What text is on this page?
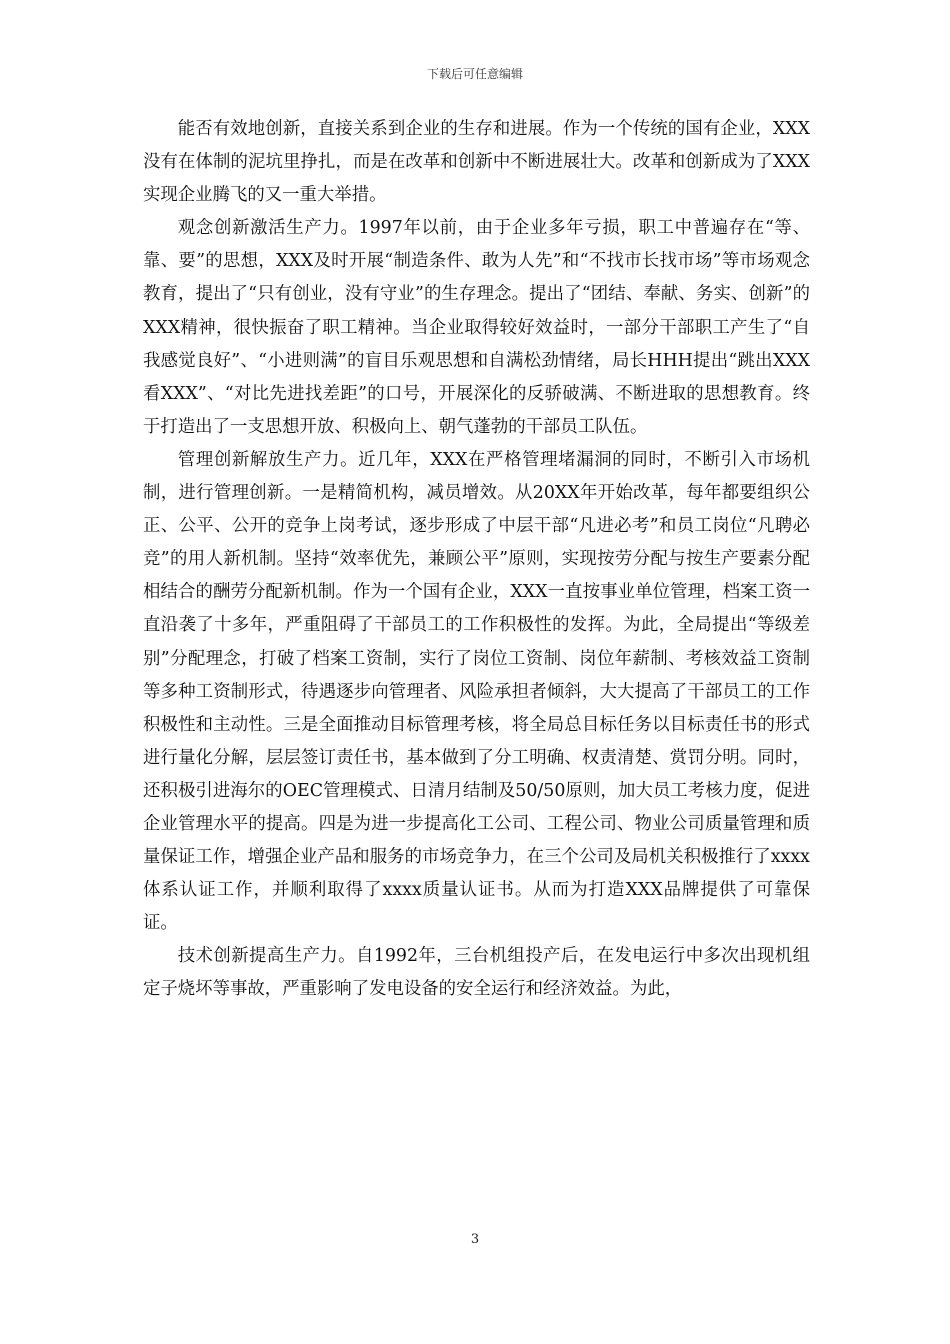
下载后可任意编辑

能否有效地创新，直接关系到企业的生存和进展。作为一个传统的国有企业，XXX没有在体制的泥坑里挣扎，而是在改革和创新中不断进展壮大。改革和创新成为了XXX实现企业腾飞的又一重大举措。

观念创新激活生产力。1997年以前，由于企业多年亏损，职工中普遍存在“等、靠、要”的思想，XXX及时开展“制造条件、敢为人先”和“不找市长找市场”等市场观念教育，提出了“只有创业，没有守业”的生存理念。提出了“团结、奉献、务实、创新”的XXX精神，很快振奋了职工精神。当企业取得较好效益时，一部分干部职工产生了“自我感觉良好”、“小进则满”的盲目乐观思想和自满松劲情绪，局长HHH提出“跳出XXX看XXX”、“对比先进找差距”的口号，开展深化的反骄破满、不断进取的思想教育。终于打造出了一支思想开放、积极向上、朝气蓬勃的干部员工队伍。

管理创新解放生产力。近几年，XXX在严格管理堵漏洞的同时，不断引入市场机制，进行管理创新。一是精简机构，减员增效。从20XX年开始改革，每年都要组织公正、公平、公开的竞争上岗考试，逐步形成了中层干部“凡进必考”和员工岗位“凡聘必竞”的用人新机制。坚持“效率优先，兼顾公平”原则，实现按劳分配与按生产要素分配相结合的酬劳分配新机制。作为一个国有企业，XXX一直按事业单位管理，档案工资一直沿袭了十多年，严重阻碍了干部员工的工作积极性的发挥。为此，全局提出“等级差别”分配理念，打破了档案工资制，实行了岗位工资制、岗位年薪制、考核效益工资制等多种工资制形式，待遇逐步向管理者、风险承担者倾斜，大大提高了干部员工的工作积极性和主动性。三是全面推动目标管理考核，将全局总目标任务以目标责任书的形式进行量化分解，层层签订责任书，基本做到了分工明确、权责清楚、赏罚分明。同时，还积极引进海尔的OEC管理模式、日清月结制及50/50原则，加大员工考核力度，促进企业管理水平的提高。四是为进一步提高化工公司、工程公司、物业公司质量管理和质量保证工作，增强企业产品和服务的市场竞争力，在三个公司及局机关积极推行了xxxx体系认证工作，并顺利取得了xxxx质量认证书。从而为打造XXX品牌提供了可靠保证。

技术创新提高生产力。自1992年，三台机组投产后，在发电运行中多次出现机组定子烧坏等事故，严重影响了发电设备的安全运行和经济效益。为此，

3
